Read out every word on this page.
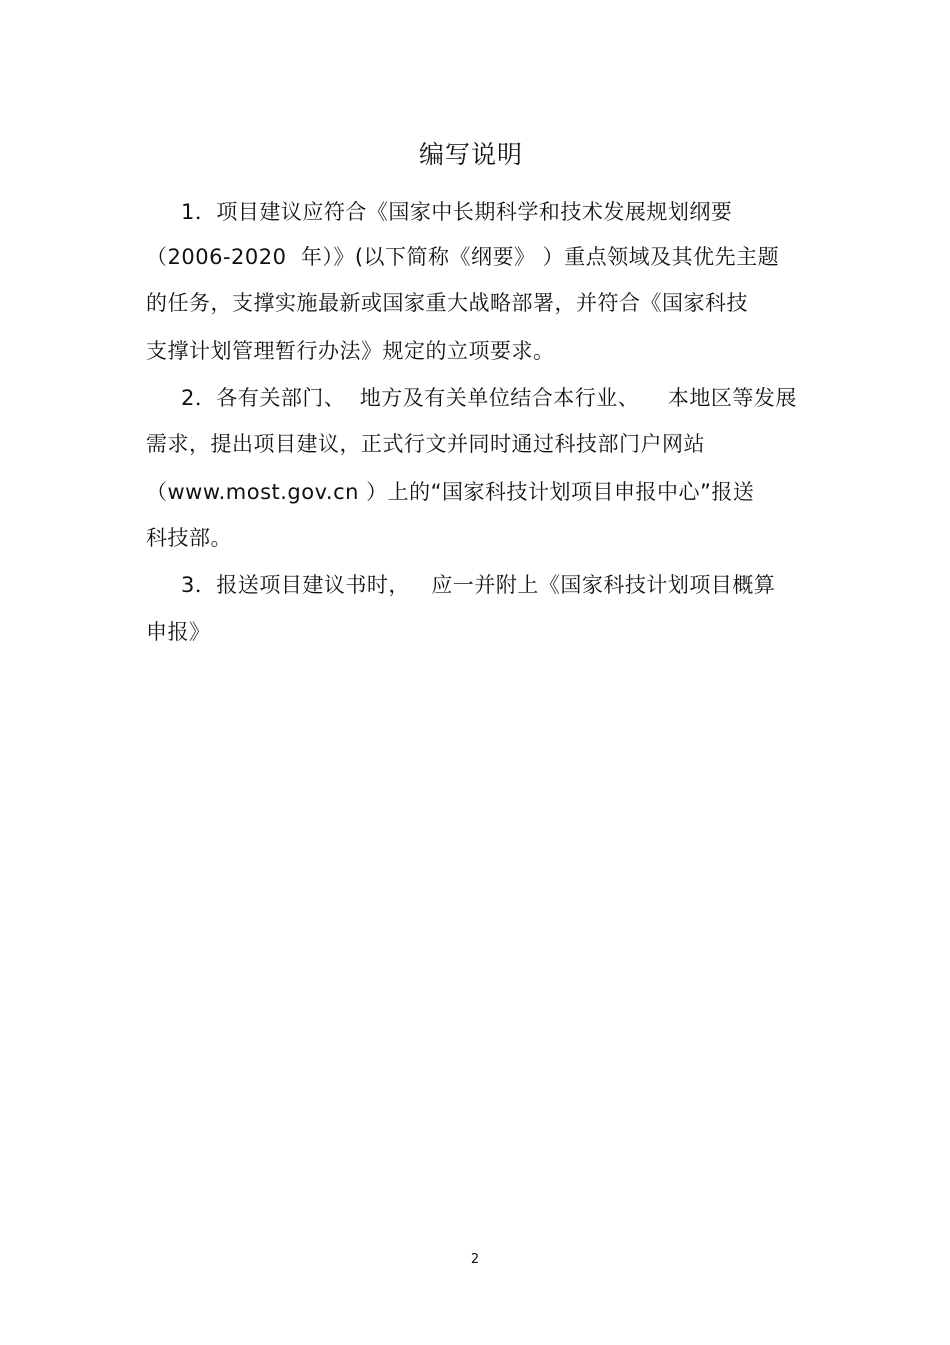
编写说明
1．项目建议应符合《国家中长期科学和技术发展规划纲要
（2006-2020  年）》(以下简称《纲要》 ）重点领域及其优先主题
的任务，支撑实施最新或国家重大战略部署，并符合《国家科技
支撑计划管理暂行办法》规定的立项要求。
2．各有关部门、  地方及有关单位结合本行业、    本地区等发展
需求，提出项目建议，正式行文并同时通过科技部门户网站
（www.most.gov.cn ）上的“国家科技计划项目申报中心”报送
科技部。
3．报送项目建议书时，   应一并附上《国家科技计划项目概算
申报》
2
